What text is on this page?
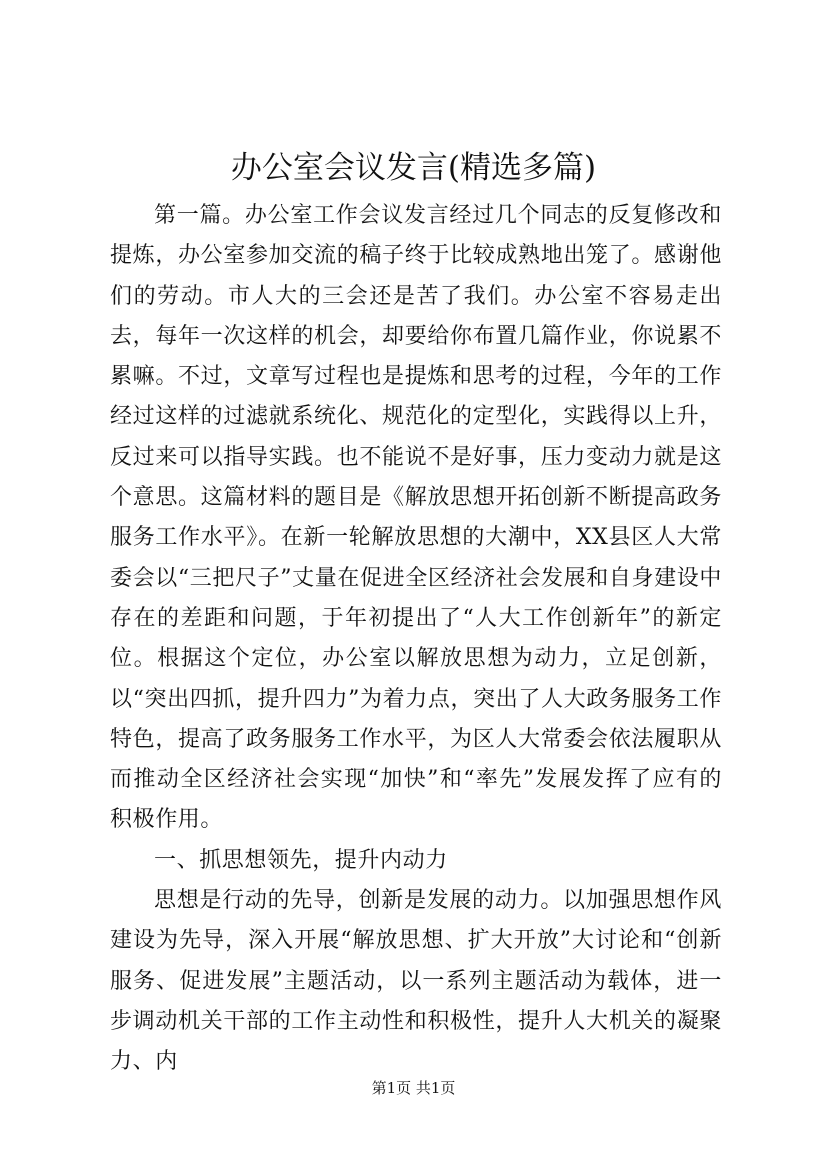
办公室会议发言(精选多篇)

第一篇。办公室工作会议发言经过几个同志的反复修改和提炼，办公室参加交流的稿子终于比较成熟地出笼了。感谢他们的劳动。市人大的三会还是苦了我们。办公室不容易走出去，每年一次这样的机会，却要给你布置几篇作业，你说累不累嘛。不过，文章写过程也是提炼和思考的过程，今年的工作经过这样的过滤就系统化、规范化的定型化，实践得以上升，反过来可以指导实践。也不能说不是好事，压力变动力就是这个意思。这篇材料的题目是《解放思想开拓创新不断提高政务服务工作水平》。在新一轮解放思想的大潮中，XX县区人大常委会以“三把尺子”丈量在促进全区经济社会发展和自身建设中存在的差距和问题，于年初提出了“人大工作创新年”的新定位。根据这个定位，办公室以解放思想为动力，立足创新，以“突出四抓，提升四力”为着力点，突出了人大政务服务工作特色，提高了政务服务工作水平，为区人大常委会依法履职从而推动全区经济社会实现“加快”和“率先”发展发挥了应有的积极作用。

一、抓思想领先，提升内动力

思想是行动的先导，创新是发展的动力。以加强思想作风建设为先导，深入开展“解放思想、扩大开放”大讨论和“创新服务、促进发展”主题活动，以一系列主题活动为载体，进一步调动机关干部的工作主动性和积极性，提升人大机关的凝聚力、内

第1页 共1页
